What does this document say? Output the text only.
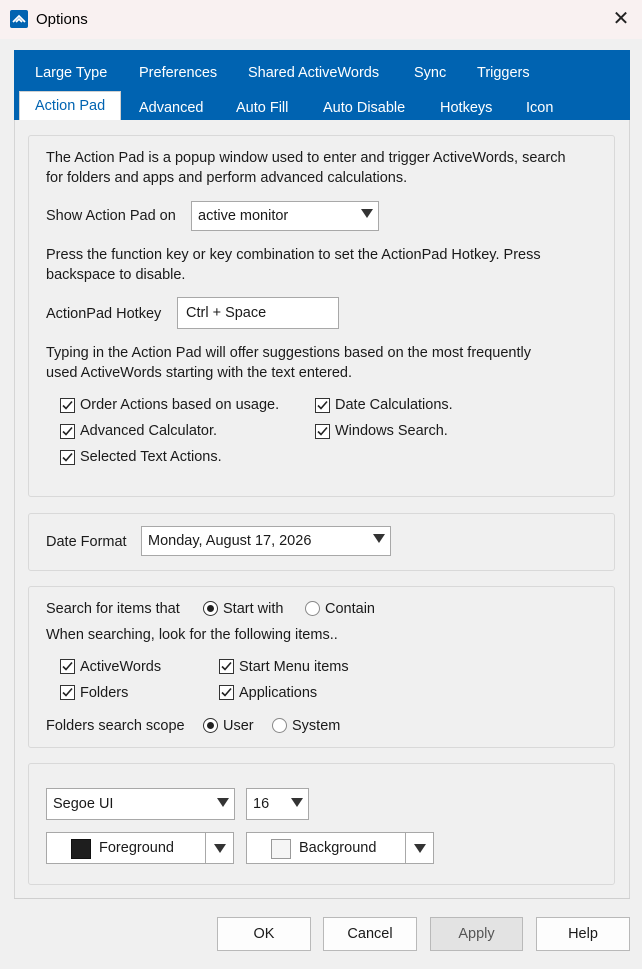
Options	✕
Large Type Preferences Shared ActiveWords Sync Triggers
Action Pad	Advanced Auto Fill Auto Disable Hotkeys Icon
The Action Pad is a popup window used to enter and trigger ActiveWords, search
for folders and apps and perform advanced calculations.
Show Action Pad on active monitor
Press the function key or key combination to set the ActionPad Hotkey. Press
backspace to disable.
ActionPad Hotkey Ctrl + Space
Typing in the Action Pad will offer suggestions based on the most frequently
used ActiveWords starting with the text entered.
Order Actions based on usage.	Date Calculations.
Advanced Calculator.	Windows Search.
Selected Text Actions.
Date Format Monday, August 17, 2026
Search for items that	Start with	Contain
When searching, look for the following items..
ActiveWords	Start Menu items
Folders	Applications
Folders search scope	User	System
Segoe UI	16
Foreground	Background
OK	Cancel	Apply	Help
